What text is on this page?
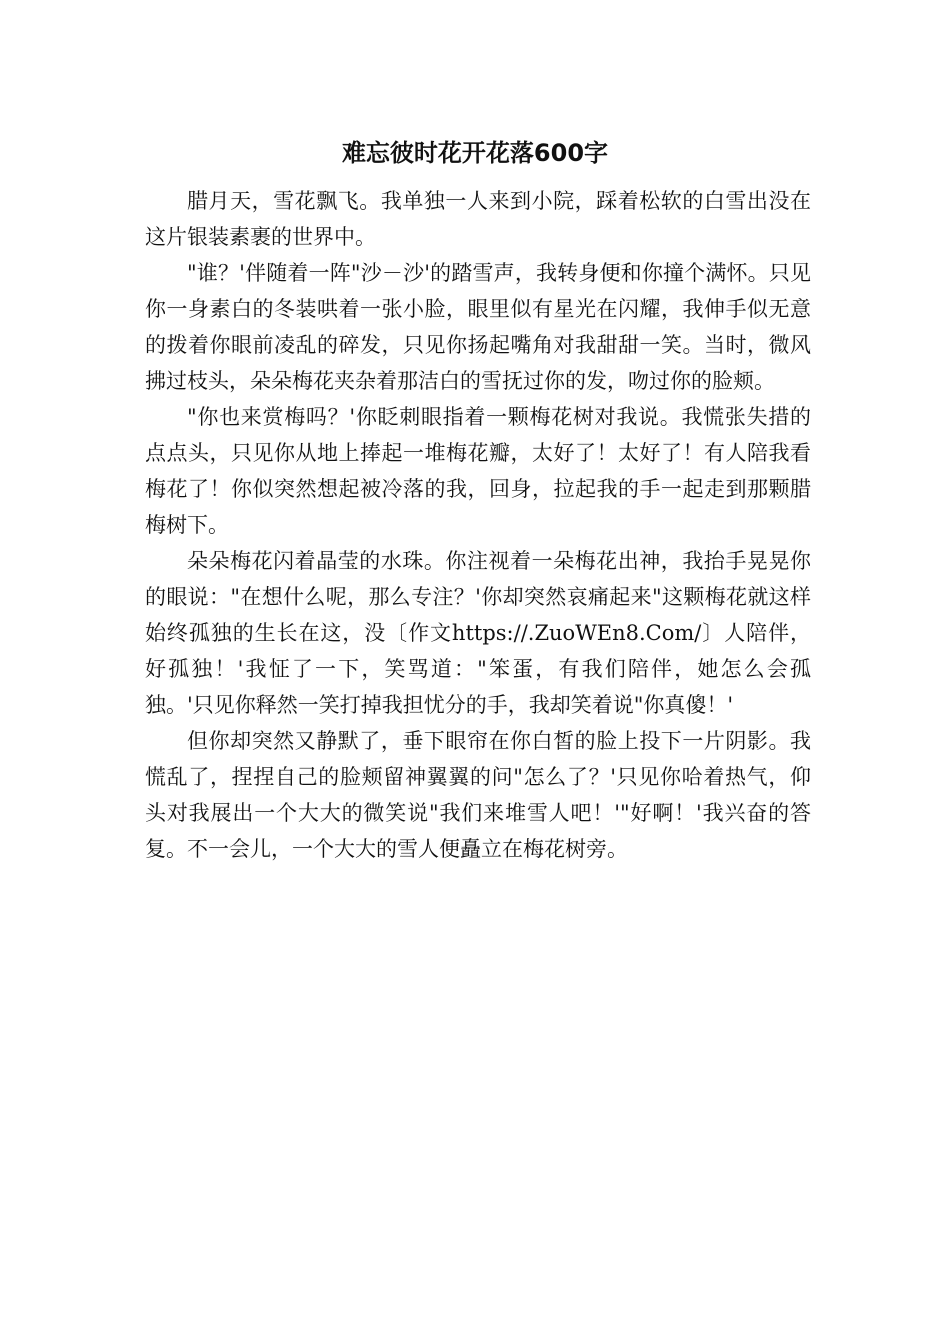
难忘彼时花开花落600字

腊月天，雪花飘飞。我单独一人来到小院，踩着松软的白雪出没在这片银装素裹的世界中。

"谁？'伴随着一阵"沙－沙'的踏雪声，我转身便和你撞个满怀。只见你一身素白的冬装哄着一张小脸，眼里似有星光在闪耀，我伸手似无意的拨着你眼前凌乱的碎发，只见你扬起嘴角对我甜甜一笑。当时，微风拂过枝头，朵朵梅花夹杂着那洁白的雪抚过你的发，吻过你的脸颊。

"你也来赏梅吗？'你眨刺眼指着一颗梅花树对我说。我慌张失措的点点头，只见你从地上捧起一堆梅花瓣，太好了！太好了！有人陪我看梅花了！你似突然想起被冷落的我，回身，拉起我的手一起走到那颗腊梅树下。

朵朵梅花闪着晶莹的水珠。你注视着一朵梅花出神，我抬手晃晃你的眼说："在想什么呢，那么专注？'你却突然哀痛起来"这颗梅花就这样始终孤独的生长在这，没〔作文https://.ZuoWEn8.Com/〕人陪伴，好孤独！'我怔了一下，笑骂道："笨蛋，有我们陪伴，她怎么会孤独。'只见你释然一笑打掉我担忧分的手，我却笑着说"你真傻！'

但你却突然又静默了，垂下眼帘在你白皙的脸上投下一片阴影。我慌乱了，捏捏自己的脸颊留神翼翼的问"怎么了？'只见你哈着热气，仰头对我展出一个大大的微笑说"我们来堆雪人吧！'"好啊！'我兴奋的答复。不一会儿，一个大大的雪人便矗立在梅花树旁。
